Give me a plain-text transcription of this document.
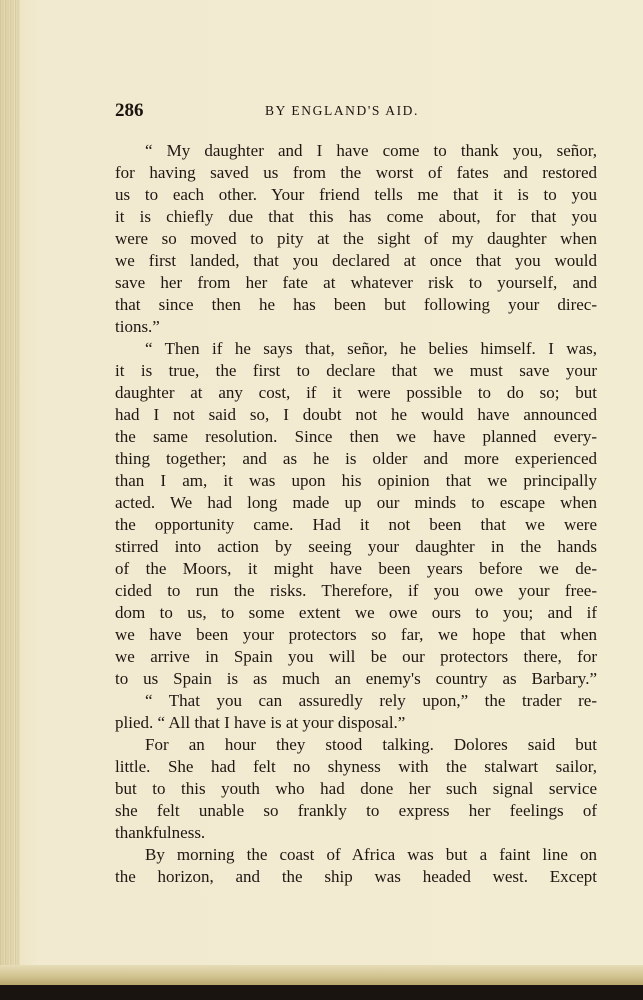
286	BY ENGLAND'S AID.
“ My daughter and I have come to thank you, señor,
for having saved us from the worst of fates and restored
us to each other. Your friend tells me that it is to you
it is chiefly due that this has come about, for that you
were so moved to pity at the sight of my daughter when
we first landed, that you declared at once that you would
save her from her fate at whatever risk to yourself, and
that since then he has been but following your direc-
tions.”
“ Then if he says that, señor, he belies himself. I was,
it is true, the first to declare that we must save your
daughter at any cost, if it were possible to do so; but
had I not said so, I doubt not he would have announced
the same resolution. Since then we have planned every-
thing together; and as he is older and more experienced
than I am, it was upon his opinion that we principally
acted. We had long made up our minds to escape when
the opportunity came. Had it not been that we were
stirred into action by seeing your daughter in the hands
of the Moors, it might have been years before we de-
cided to run the risks. Therefore, if you owe your free-
dom to us, to some extent we owe ours to you; and if
we have been your protectors so far, we hope that when
we arrive in Spain you will be our protectors there, for
to us Spain is as much an enemy's country as Barbary.”
“ That you can assuredly rely upon,” the trader re-
plied. “ All that I have is at your disposal.”
For an hour they stood talking. Dolores said but
little. She had felt no shyness with the stalwart sailor,
but to this youth who had done her such signal service
she felt unable so frankly to express her feelings of
thankfulness.
By morning the coast of Africa was but a faint line on
the horizon, and the ship was headed west. Except
